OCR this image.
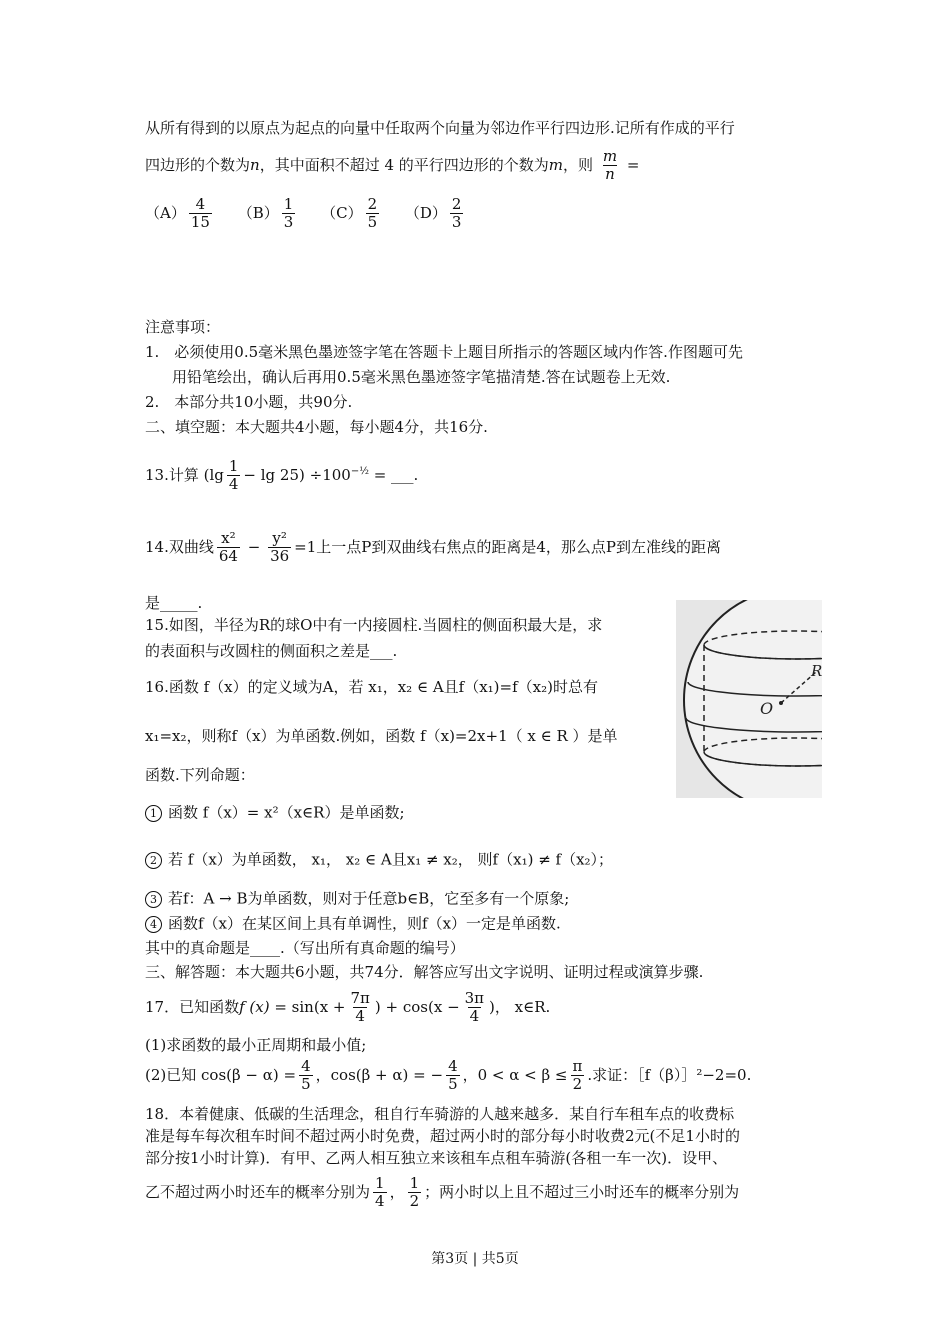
从所有得到的以原点为起点的向量中任取两个向量为邻边作平行四边形.记所有作成的平行
四边形的个数为n，其中面积不超过 4 的平行四边形的个数为m，则 $\frac{m}{n}$ =
$(A) \frac{4}{15} (B) \frac{1}{3} (C) \frac{2}{5} (D) \frac{2}{3}$
注意事项：
1.　必须使用0.5毫米黑色墨迹签字笔在答题卡上题目所指示的答题区域内作答.作图题可先
用铅笔绘出，确认后再用0.5毫米黑色墨迹签字笔描清楚.答在试题卷上无效.
2.　本部分共10小题，共90分.
二、填空题：本大题共4小题，每小题4分，共16分.
13.计算 $(\lg \frac{1}{4} - \lg 25) \div 100^{-\frac{1}{2}}$ = ___.
14.双曲线 $\frac{\text{x²}}{64} - \frac{\text{y²}}{36} =1$上一点P到双曲线右焦点的距离是4，那么点P到左准线的距离
是_____.
15.如图，半径为R的球O中有一内接圆柱.当圆柱的侧面积最大是，求
的表面积与改圆柱的侧面积之差是___.
16.函数 f（x）的定义域为A，若 x₁，x₂ ∈ A且f（x₁)=f（x₂)时总有
x₁=x₂，则称f（x）为单函数.例如，函数 f（x)=2x+1（ x ∈ R ）是单
函数.下列命题：
1 函数 f（x）= x²（x∈R）是单函数;
2 若 f（x）为单函数， x₁， x₂ ∈ A且x₁ ≠ x₂， 则f（x₁) ≠ f（x₂）；
3 若f：A → B为单函数，则对于任意b∈B，它至多有一个原象;
4 函数f（x）在某区间上具有单调性，则f（x）一定是单函数.
其中的真命题是____.（写出所有真命题的编号）
三、解答题：本大题共6小题，共74分．解答应写出文字说明、证明过程或演算步骤.
17．已知函数f $(x) = \sin(x + \frac{7\pi}{4}$ ) + $\cos(x - \frac{3\pi}{4}$ )， x∈R.
(1)求函数的最小正周期和最小值;
(2)已知 $\cos(\beta - \alpha) = \frac{4}{5}$ ，cos(β + α) = − $\frac{4}{5}$ ，$0 < \alpha < \beta \le \frac{\pi}{2}$ .求证：［f（β）］²−2=0.
18．本着健康、低碳的生活理念，租自行车骑游的人越来越多．某自行车租车点的收费标
准是每车每次租车时间不超过两小时免费，超过两小时的部分每小时收费2元(不足1小时的
部分按1小时计算)．有甲、乙两人相互独立来该租车点租车骑游(各租一车一次)．设甲、
乙不超过两小时还车的概率分别为 $\frac{1}{4}$ ， $\frac{1}{2}$ ；两小时以上且不超过三小时还车的概率分别为
R
O
第3页 | 共5页
